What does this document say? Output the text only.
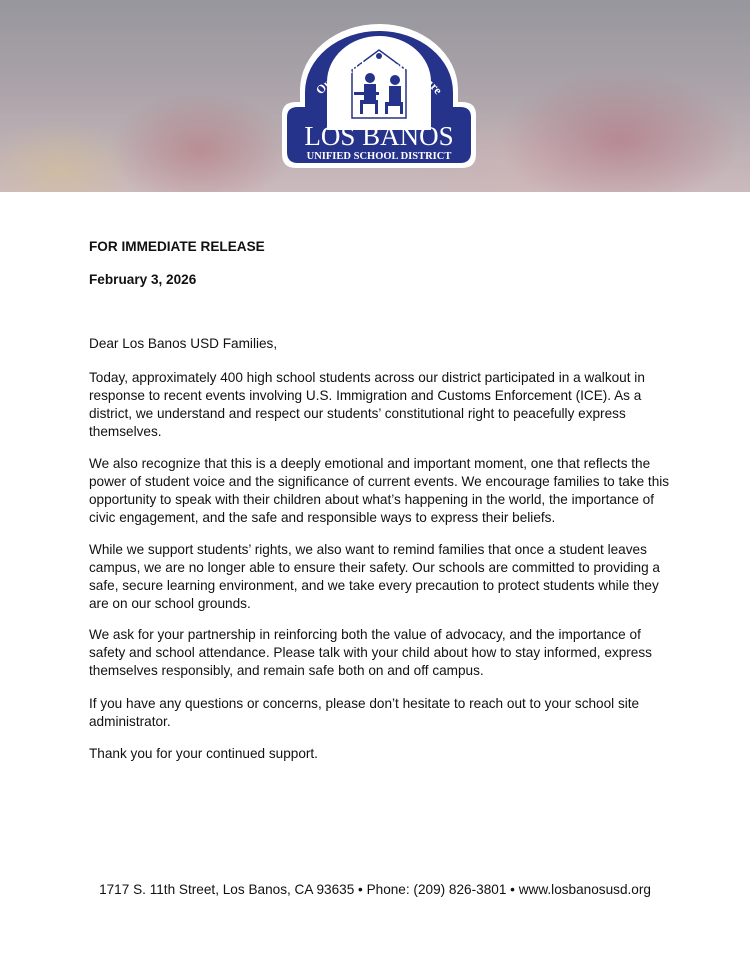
Our Children Our Future
LOS BANOS
UNIFIED SCHOOL DISTRICT
FOR IMMEDIATE RELEASE
February 3, 2026
Dear Los Banos USD Families,
Today, approximately 400 high school students across our district participated in a walkout in response to recent events involving U.S. Immigration and Customs Enforcement (ICE). As a district, we understand and respect our students’ constitutional right to peacefully express themselves.
We also recognize that this is a deeply emotional and important moment, one that reflects the power of student voice and the significance of current events. We encourage families to take this opportunity to speak with their children about what’s happening in the world, the importance of civic engagement, and the safe and responsible ways to express their beliefs.
While we support students’ rights, we also want to remind families that once a student leaves campus, we are no longer able to ensure their safety. Our schools are committed to providing a safe, secure learning environment, and we take every precaution to protect students while they are on our school grounds.
We ask for your partnership in reinforcing both the value of advocacy, and the importance of safety and school attendance. Please talk with your child about how to stay informed, express themselves responsibly, and remain safe both on and off campus.
If you have any questions or concerns, please don’t hesitate to reach out to your school site administrator.
Thank you for your continued support.
1717 S. 11th Street, Los Banos, CA 93635 • Phone: (209) 826-3801 • www.losbanosusd.org
